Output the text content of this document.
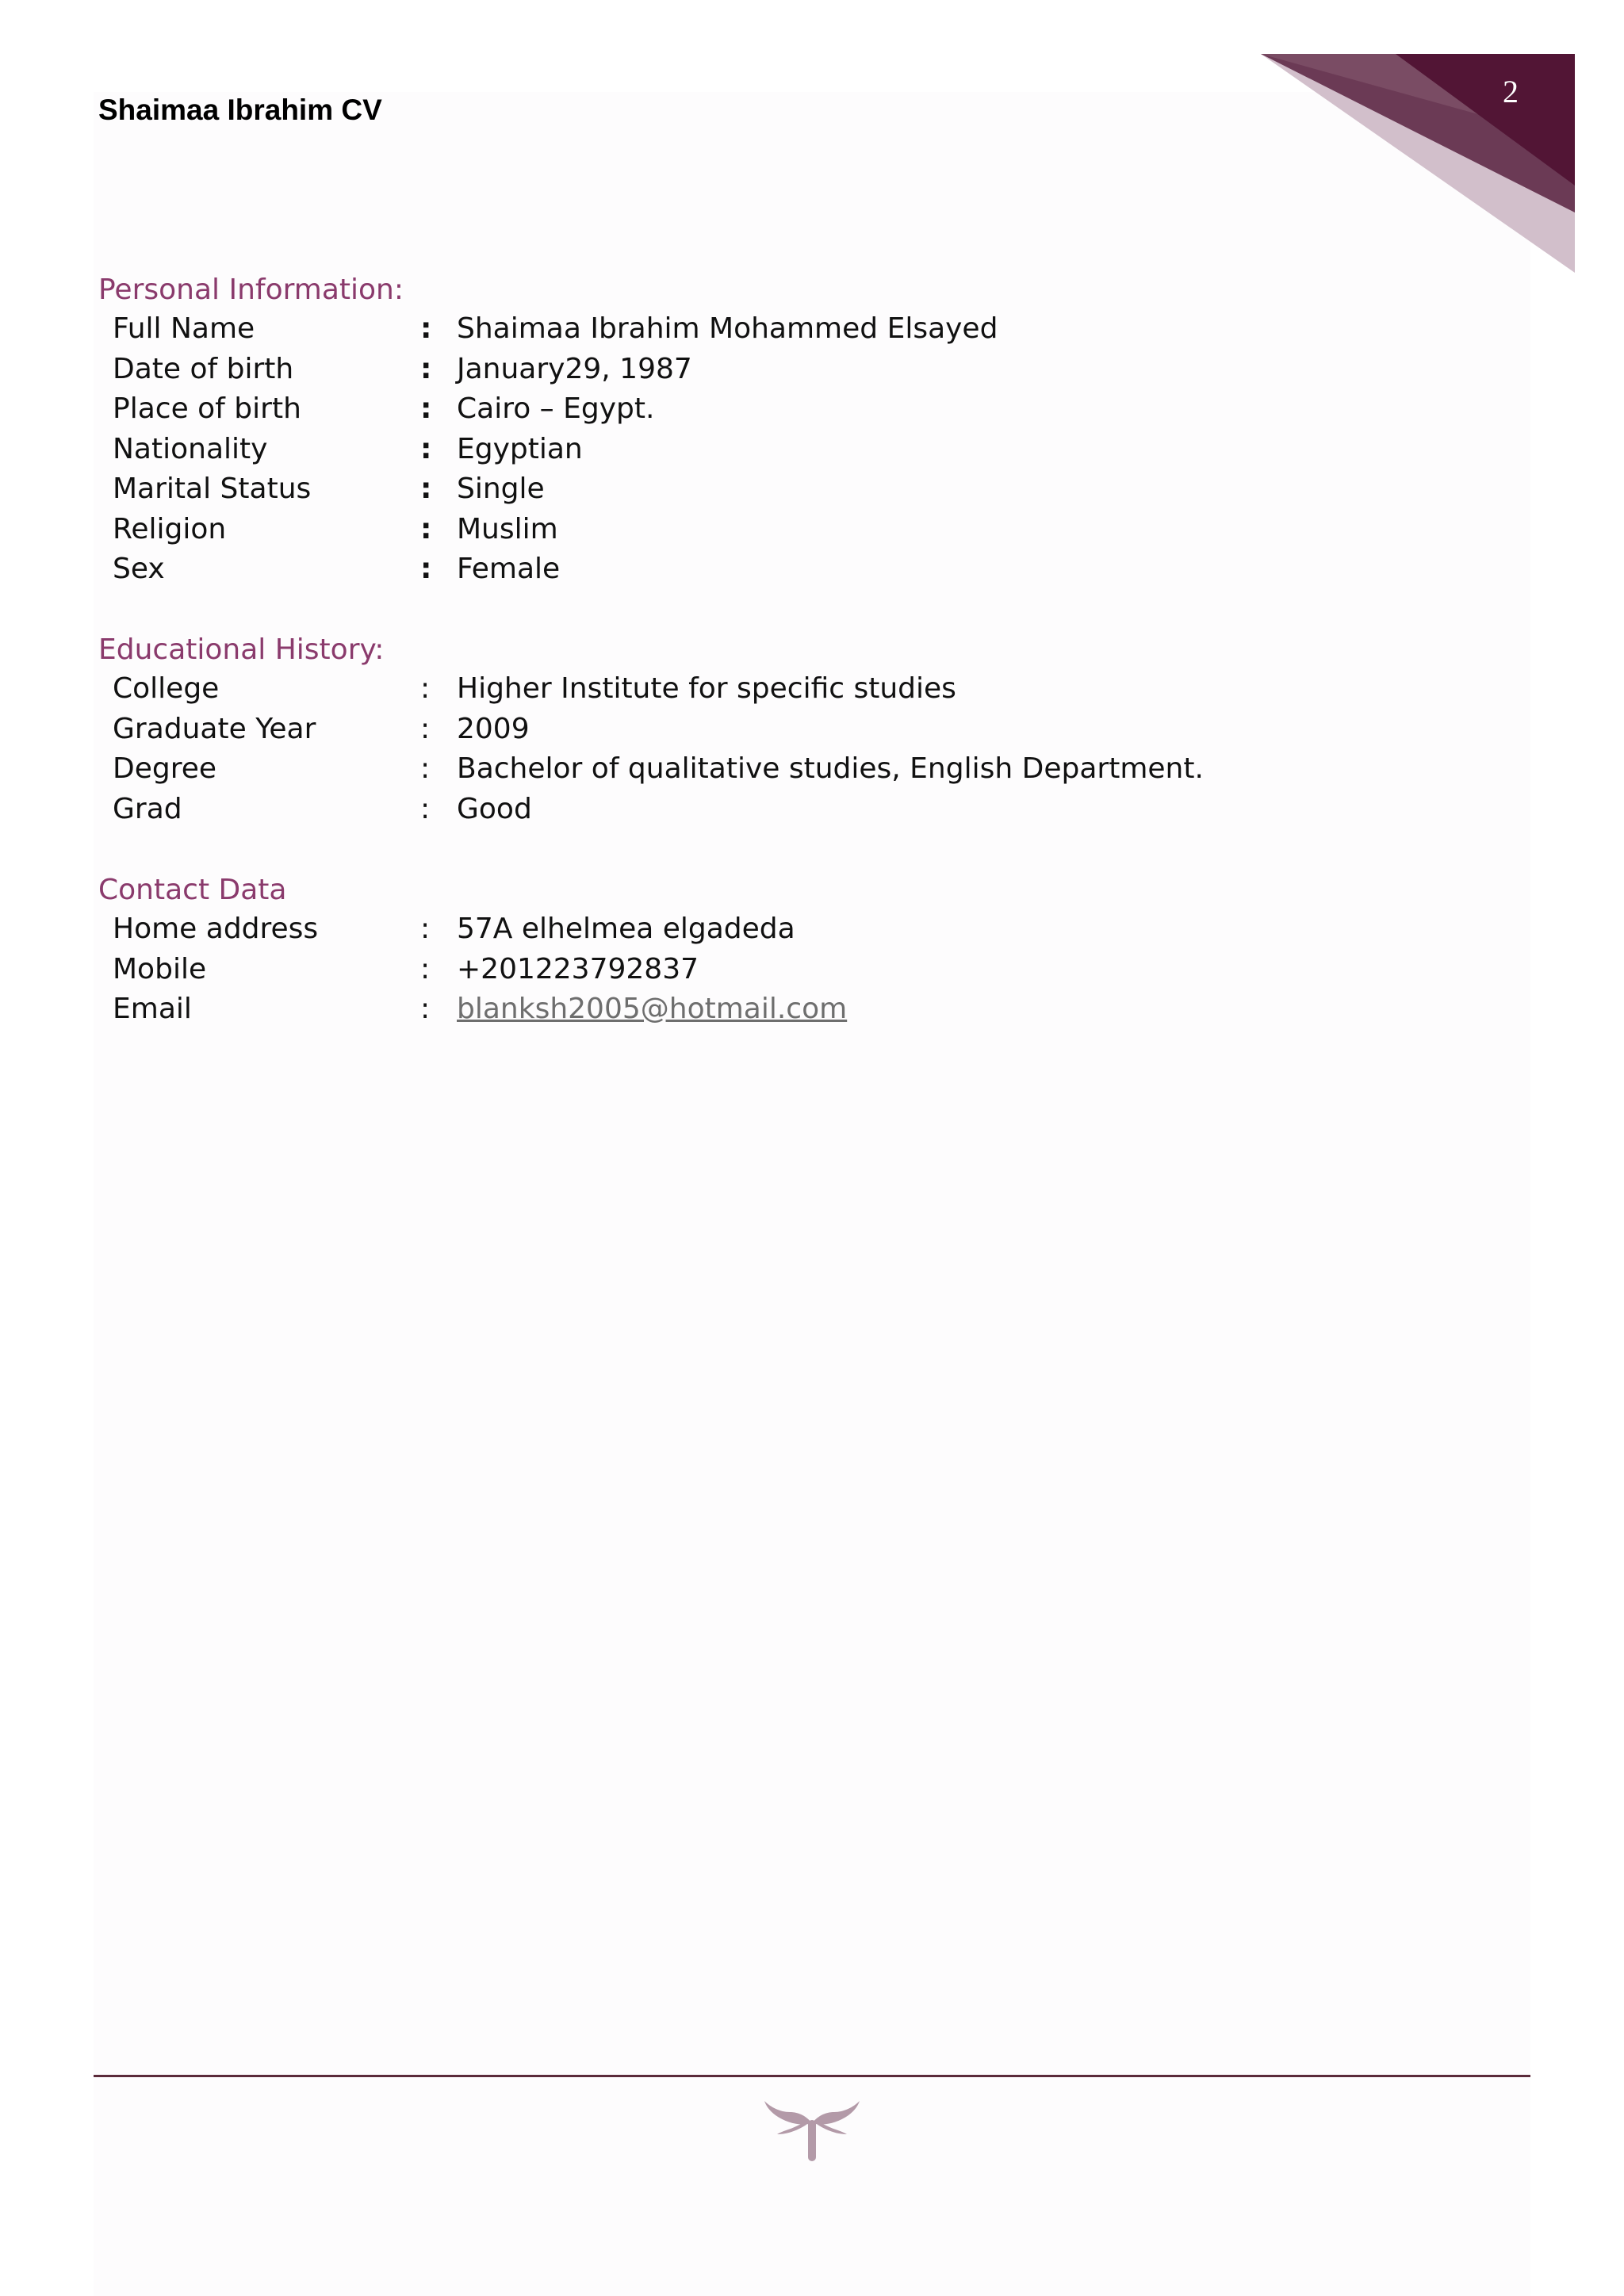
2
Shaimaa Ibrahim CV
Personal Information:
Full Name	: Shaimaa Ibrahim Mohammed Elsayed
Date of birth	: January29, 1987
Place of birth	: Cairo – Egypt.
Nationality	: Egyptian
Marital Status	: Single
Religion	: Muslim
Sex	: Female
Educational History:
College	: Higher Institute for specific studies
Graduate Year	: 2009
Degree	: Bachelor of qualitative studies, English Department.
Grad	: Good
Contact Data
Home address	: 57A elhelmea elgadeda
Mobile	: +201223792837
Email	: blanksh2005@hotmail.com
